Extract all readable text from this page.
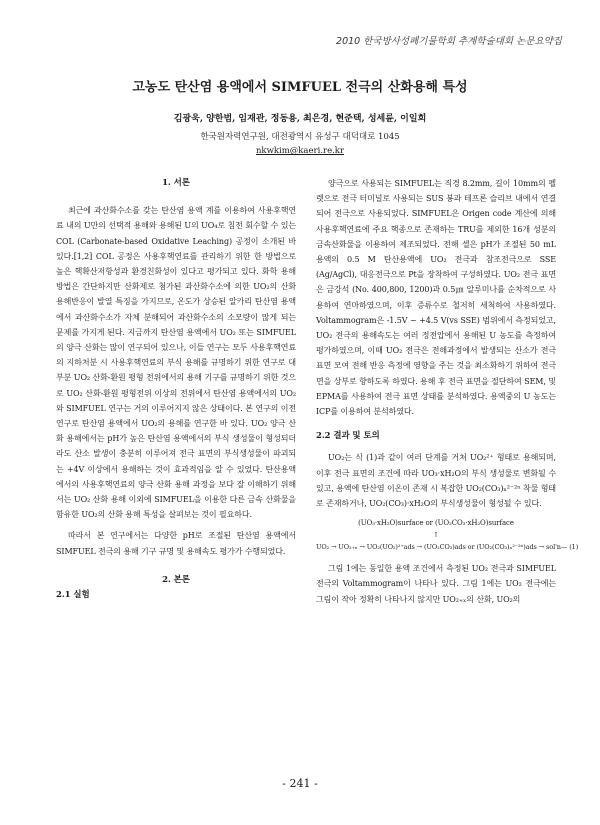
2010 한국방사성폐기물학회 추계학술대회 논문요약집
고농도 탄산염 용액에서 SIMFUEL 전극의 산화용해 특성
김광욱, 양한범, 임재관, 정동용, 최은경, 현준택, 성세륜, 이일희
한국원자력연구원, 대전광역시 유성구 대덕대로 1045
nkwkim@kaeri.re.kr
1. 서론

최근에 과산화수소를 갖는 탄산염 용액 계를 이용하여 사용후핵연료 내의 U만의 선택적 용해와 용해된 U의 UO₄로 침전 회수할 수 있는 COL (Carbonate-based Oxidative Leaching) 공정이 소개된 바 있다.[1,2] COL 공정은 사용후핵연료를 관리하기 위한 한 방법으로 높은 핵확산저항성과 환경친화성이 있다고 평가되고 있다. 화학 용해 방법은 간단하지만 산화제로 첨가된 과산화수소에 의한 UO₂의 산화 용해반응이 발열 특징을 가지므로, 온도가 상승된 알카리 탄산염 용액에서 과산화수소가 자체 분해되어 과산화수소의 소모량이 많게 되는 문제를 가지게 된다. 지금까지 탄산염 용액에서 UO₂ 또는 SIMFUEL의 양극 산화는 많이 연구되어 있으나, 이들 연구는 모두 사용후핵연료의 지하처분 시 사용후핵연료의 부식 용해를 규명하기 위한 연구로 대부분 UO₂ 산화-환원 평형 전위에서의 용해 기구를 규명하기 위한 것으로 UO₂ 산화-환원 평형전위 이상의 전위에서 탄산염 용액에서의 UO₂와 SIMFUEL 연구는 거의 이루어지지 않은 상태이다. 본 연구의 이전 연구로 탄산염 용액에서 UO₂의 용해를 연구한 바 있다. UO₂ 양극 산화 용해에서는 pH가 높은 탄산염 용액에서의 부식 생성물이 형성되더라도 산소 발생이 충분히 이루어져 전극 표면의 부식생성물이 파괴되는 +4V 이상에서 용해하는 것이 효과적임을 알 수 있었다. 탄산용액에서의 사용후핵연료의 양극 산화 용해 과정을 보다 잘 이해하기 위해서는 UO₂ 산화 용해 이외에 SIMFUEL을 이용한 다른 금속 산화물을 함유한 UO₂의 산화 용해 특성을 살펴보는 것이 필요하다.

따라서 본 연구에서는 다양한 pH로 조절된 탄산염 용액에서 SIMFUEL 전극의 용해 기구 규명 및 용해속도 평가가 수행되었다.

2. 본론
2.1 실험

양극으로 사용되는 SIMFUEL는 직경 8.2mm, 길이 10mm의 펠렛으로 전극 터미널로 사용되는 SUS 봉과 테프론 슬리브 내에서 연결되어 전극으로 사용되었다. SIMFUEL은 Origen code 계산에 의해 사용후핵연료에 주요 핵종으로 존재하는 TRU를 제외한 16개 성분의 금속산화물을 이용하여 제조되었다. 전해 셀은 pH가 조절된 50 mL 용액의 0.5 M 탄산용액에 UO₂ 전극과 참조전극으로 SSE (Ag/AgCl), 대응전극으로 Pt을 장착하여 구성하였다. UO₂ 전극 표면은 금강석 (No. 400,800, 1200)과 0.5㎛ 알루미나를 순차적으로 사용하여 연마하였으며, 이후 증류수로 철저히 세척하여 사용하였다. Voltammogram은 -1.5V ~ +4.5 V(vs SSE) 범위에서 측정되었고, UO₂ 전극의 용해속도는 여러 정전압에서 용해된 U 농도를 측정하여 평가하였으며, 이때 UO₂ 전극은 전해과정에서 발생되는 산소가 전극 표면 모여 전해 반응 측정에 영향을 주는 것을 최소화하기 위하여 전극면을 상부로 향하도록 하였다. 용해 후 전극 표면을 절단하여 SEM, 및 EPMA를 사용하여 전극 표면 상태를 분석하였다. 용액중의 U 농도는 ICP를 이용하여 분석하였다.

2.2 결과 및 토의

UO₂는 식 (1)과 같이 여러 단계를 거쳐 UO₂²⁺ 형태로 용해되며, 이후 전극 표면의 조건에 따라 UO₃·xH₂O의 부식 생성물로 변화될 수 있고, 용액에 탄산염 이온이 존재 시 복잡한 UO₂(CO₃)ₙ²⁻²ⁿ 착물 형태로 존재하거나, UO₂(CO₃)·xH₂O의 부식생성물이 형성될 수 있다.

(UO₃·xH₂O)surface or (UO₂CO₃·xH₂O)surface
↑
UO₂ → UO₂₊ₓ → UO₂(UO₂)²⁺ads → (UO₂CO₃)ads or (UO₂(CO₃)ₙ²⁻²ⁿ)ads → sol'n — (1)

그림 1에는 동일한 용액 조건에서 측정된 UO₂ 전극과 SIMFUEL 전극의 Voltammogram이 나타나 있다. 그림 1에는 UO₂ 전극에는 그림이 작아 정확히 나타나지 않지만 UO₂₊ₓ의 산화, UO₂의

- 241 -
